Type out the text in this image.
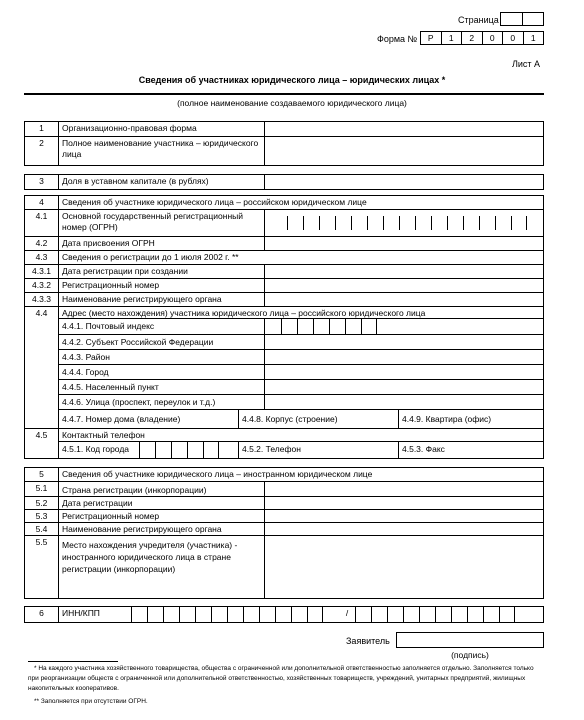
Страница
Форма №	Р	1	2	0	0	1
Лист А
Сведения об участниках юридического лица – юридических лицах *
(полное наименование создаваемого юридического лица)
1	Организационно-правовая форма
2	Полное наименование участника – юридического лица
3	Доля в уставном капитале (в рублях)
4	Сведения об участнике юридического лица – российском юридическом лице
4.1	Основной государственный регистрационный номер (ОГРН)
4.2	Дата присвоения ОГРН
4.3	Сведения о регистрации до 1 июля 2002 г. **
4.3.1	Дата регистрации при создании
4.3.2	Регистрационный номер
4.3.3	Наименование регистрирующего органа
4.4	Адрес (место нахождения) участника юридического лица – российского юридического лица
4.4.1. Почтовый индекс
4.4.2. Субъект Российской Федерации
4.4.3. Район
4.4.4. Город
4.4.5. Населенный пункт
4.4.6. Улица (проспект, переулок и т.д.)
4.4.7. Номер дома (владение)	4.4.8. Корпус (строение)	4.4.9. Квартира (офис)
4.5	Контактный телефон
4.5.1. Код города	4.5.2. Телефон	4.5.3. Факс
5	Сведения об участнике юридического лица – иностранном юридическом лице
5.1	Страна регистрации (инкорпорации)
5.2	Дата регистрации
5.3	Регистрационный номер
5.4	Наименование регистрирующего органа
5.5	Место нахождения учредителя (участника) - иностранного юридического лица в стране регистрации (инкорпорации)
6	ИНН/КПП	/
Заявитель
(подпись)
* На каждого участника хозяйственного товарищества, общества с ограниченной или дополнительной ответственностью заполняется отдельно. Заполняется только при реорганизации обществ с ограниченной или дополнительной ответственностью, хозяйственных товариществ, учреждений, унитарных предприятий, жилищных накопительных кооперативов.
** Заполняется при отсутствии ОГРН.
